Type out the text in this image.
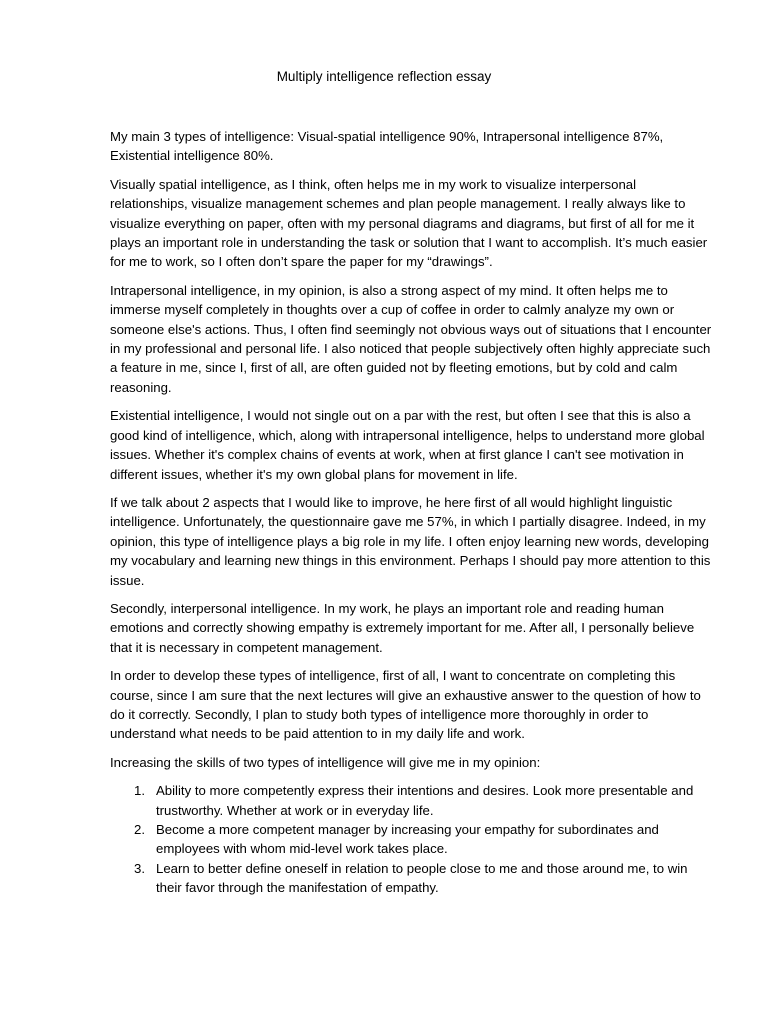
Multiply intelligence reflection essay

My main 3 types of intelligence: Visual-spatial intelligence 90%, Intrapersonal intelligence 87%, Existential intelligence 80%.

Visually spatial intelligence, as I think, often helps me in my work to visualize interpersonal relationships, visualize management schemes and plan people management. I really always like to visualize everything on paper, often with my personal diagrams and diagrams, but first of all for me it plays an important role in understanding the task or solution that I want to accomplish. It’s much easier for me to work, so I often don’t spare the paper for my “drawings”.

Intrapersonal intelligence, in my opinion, is also a strong aspect of my mind. It often helps me to immerse myself completely in thoughts over a cup of coffee in order to calmly analyze my own or someone else's actions. Thus, I often find seemingly not obvious ways out of situations that I encounter in my professional and personal life. I also noticed that people subjectively often highly appreciate such a feature in me, since I, first of all, are often guided not by fleeting emotions, but by cold and calm reasoning.

Existential intelligence, I would not single out on a par with the rest, but often I see that this is also a good kind of intelligence, which, along with intrapersonal intelligence, helps to understand more global issues. Whether it's complex chains of events at work, when at first glance I can't see motivation in different issues, whether it's my own global plans for movement in life.

If we talk about 2 aspects that I would like to improve, he here first of all would highlight linguistic intelligence. Unfortunately, the questionnaire gave me 57%, in which I partially disagree. Indeed, in my opinion, this type of intelligence plays a big role in my life. I often enjoy learning new words, developing my vocabulary and learning new things in this environment. Perhaps I should pay more attention to this issue.

Secondly, interpersonal intelligence. In my work, he plays an important role and reading human emotions and correctly showing empathy is extremely important for me. After all, I personally believe that it is necessary in competent management.

In order to develop these types of intelligence, first of all, I want to concentrate on completing this course, since I am sure that the next lectures will give an exhaustive answer to the question of how to do it correctly. Secondly, I plan to study both types of intelligence more thoroughly in order to understand what needs to be paid attention to in my daily life and work.

Increasing the skills of two types of intelligence will give me in my opinion:

1. Ability to more competently express their intentions and desires. Look more presentable and trustworthy. Whether at work or in everyday life.
2. Become a more competent manager by increasing your empathy for subordinates and employees with whom mid-level work takes place.
3. Learn to better define oneself in relation to people close to me and those around me, to win their favor through the manifestation of empathy.
